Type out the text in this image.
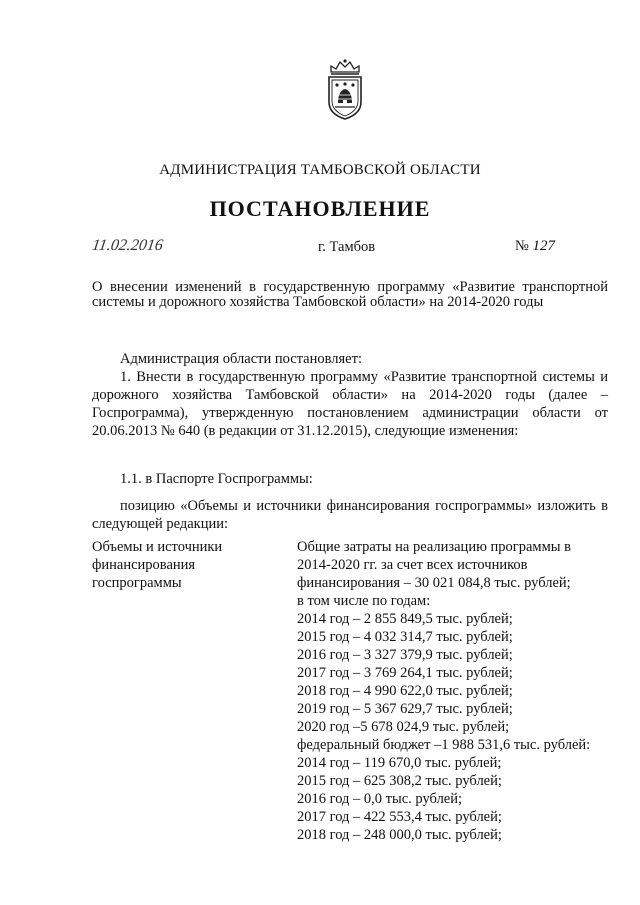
АДМИНИСТРАЦИЯ ТАМБОВСКОЙ ОБЛАСТИ
ПОСТАНОВЛЕНИЕ
11.02.2016	г. Тамбов	№ 127
О внесении изменений в государственную программу «Развитие транспортной системы и дорожного хозяйства Тамбовской области» на 2014-2020 годы
Администрация области постановляет:
1. Внести в государственную программу «Развитие транспортной системы и дорожного хозяйства Тамбовской области» на 2014-2020 годы (далее – Госпрограмма), утвержденную постановлением администрации области от 20.06.2013 № 640 (в редакции от 31.12.2015), следующие изменения:
1.1. в Паспорте Госпрограммы:
позицию «Объемы и источники финансирования госпрограммы» изложить в следующей редакции:
Объемы и источники
финансирования
госпрограммы
Общие затраты на реализацию программы в
2014-2020 гг. за счет всех источников
финансирования – 30 021 084,8 тыс. рублей;
в том числе по годам:
2014 год – 2 855 849,5 тыс. рублей;
2015 год – 4 032 314,7 тыс. рублей;
2016 год – 3 327 379,9 тыс. рублей;
2017 год – 3 769 264,1 тыс. рублей;
2018 год – 4 990 622,0 тыс. рублей;
2019 год – 5 367 629,7 тыс. рублей;
2020 год –5 678 024,9 тыс. рублей;
федеральный бюджет –1 988 531,6 тыс. рублей:
2014 год – 119 670,0 тыс. рублей;
2015 год – 625 308,2 тыс. рублей;
2016 год – 0,0 тыс. рублей;
2017 год – 422 553,4 тыс. рублей;
2018 год – 248 000,0 тыс. рублей;
